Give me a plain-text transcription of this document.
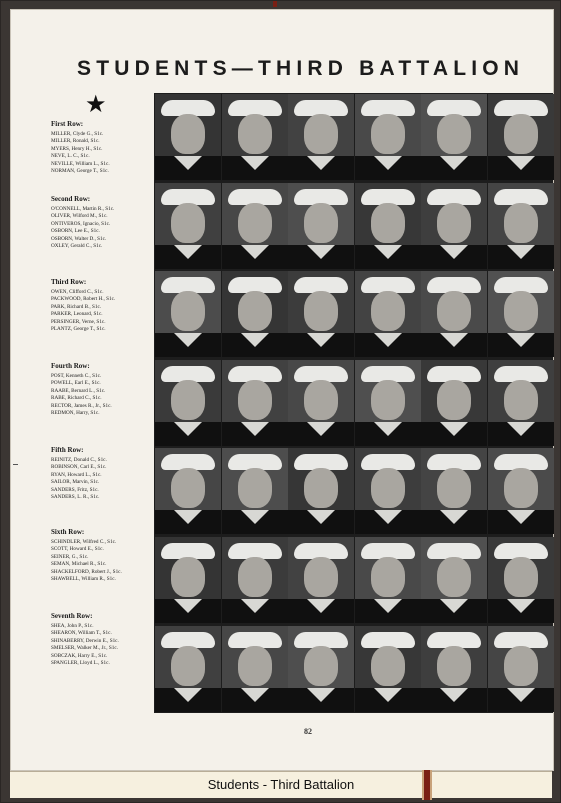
STUDENTS—THIRD BATTALION
★
First Row:
MILLER, Clyde G., S1c.
MILLER, Ronald, S1c.
MYERS, Henry H., S1c.
NEVE, L. C., S1c.
NEVILLE, William L., S1c.
NORMAN, George T., S1c.
Second Row:
O'CONNELL, Martin R., S1c.
OLIVER, Wilford M., S1c.
ONTIVEROS, Ignacio, S1c.
OSBORN, Lee E., S1c.
OSBORN, Walter D., S1c.
OXLEY, Gerald C., S1c.
Third Row:
OWEN, Clifford C., S1c.
PACKWOOD, Robert H., S1c.
PARK, Richard B., S1c.
PARKER, Leonard, S1c.
PERSINGER, Verne, S1c.
PLANTZ, George T., S1c.
Fourth Row:
POST, Kenneth C., S1c.
POWELL, Earl E., S1c.
RAABE, Bernard L., S1c.
RABE, Richard C., S1c.
RECTOR, James R., Jr., S1c.
REDMON, Harry, S1c.
Fifth Row:
REINITZ, Donald C., S1c.
ROBINSON, Carl E., S1c.
RYAN, Howard L., S1c.
SAILOR, Marvin, S1c.
SANDERS, Fritz, S1c.
SANDERS, L. R., S1c.
Sixth Row:
SCHINDLER, Wilfred C., S1c.
SCOTT, Howard E., S1c.
SEINER, G., S1c.
SEMAN, Michael R., S1c.
SHACKELFORD, Robert J., S1c.
SHAWBELL, William R., S1c.
Seventh Row:
SHEA, John P., S1c.
SHEARON, William T., S1c.
SHINABERRY, Derwin E., S1c.
SMELSER, Walker M., Jr., S1c.
SOBCZAK, Harry E., S1c.
SPANGLER, Lloyd L., S1c.
82
Students - Third Battalion
